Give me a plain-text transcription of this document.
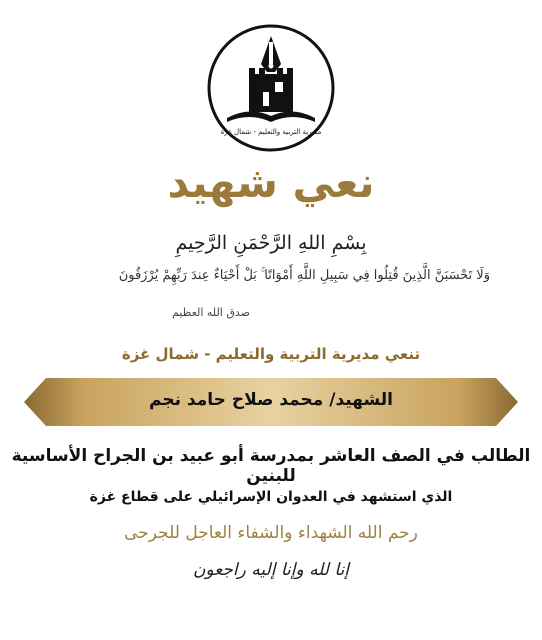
مديرية التربية والتعليم - شمال غزة
نعي شهيد
بِسْمِ اللهِ الرَّحْمَنِ الرَّحِيمِ
وَلَا تَحْسَبَنَّ الَّذِينَ قُتِلُوا فِي سَبِيلِ اللَّهِ أَمْوَاتًا ۚ بَلْ أَحْيَاءٌ عِندَ رَبِّهِمْ يُرْزَقُونَ
صدق الله العظيم
تنعي مديرية التربية والتعليم - شمال غزة
الشهيد/ محمد صلاح حامد نجم
الطالب في الصف العاشر بمدرسة أبو عبيد بن الجراح الأساسية للبنين
الذي استشهد في العدوان الإسرائيلي على قطاع غزة
رحم الله الشهداء والشفاء العاجل للجرحى
إنا لله وإنا إليه راجعون
